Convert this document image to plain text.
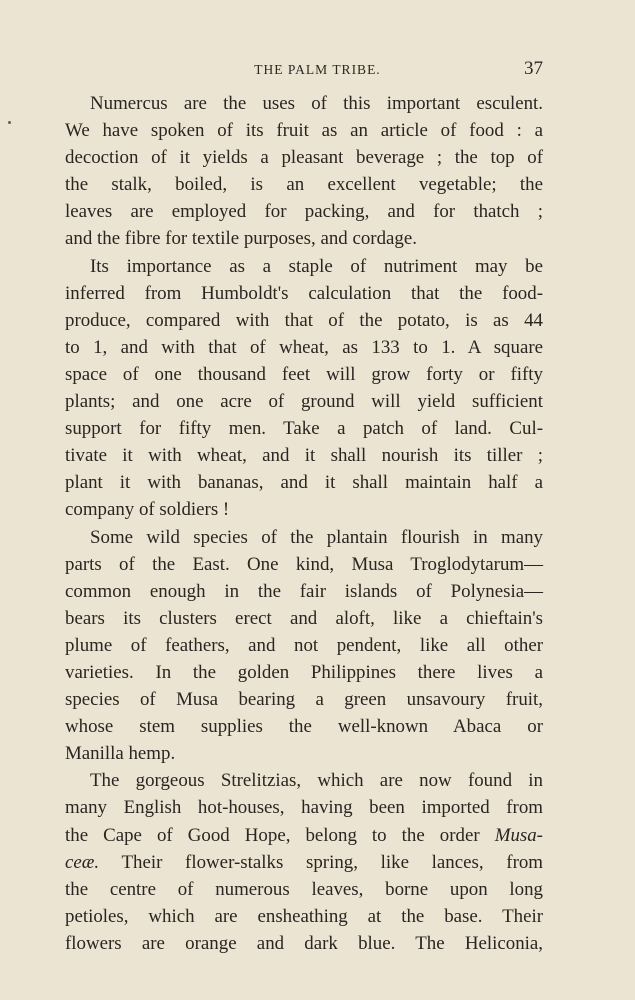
THE PALM TRIBE.	37
Numercus are the uses of this important esculent.
We have spoken of its fruit as an article of food : a
decoction of it yields a pleasant beverage ; the top of
the stalk, boiled, is an excellent vegetable; the
leaves are employed for packing, and for thatch ;
and the fibre for textile purposes, and cordage.
Its importance as a staple of nutriment may be
inferred from Humboldt's calculation that the food-
produce, compared with that of the potato, is as 44
to 1, and with that of wheat, as 133 to 1. A square
space of one thousand feet will grow forty or fifty
plants; and one acre of ground will yield sufficient
support for fifty men. Take a patch of land. Cul-
tivate it with wheat, and it shall nourish its tiller ;
plant it with bananas, and it shall maintain half a
company of soldiers !
Some wild species of the plantain flourish in many
parts of the East. One kind, Musa Troglodytarum—
common enough in the fair islands of Polynesia—
bears its clusters erect and aloft, like a chieftain's
plume of feathers, and not pendent, like all other
varieties. In the golden Philippines there lives a
species of Musa bearing a green unsavoury fruit,
whose stem supplies the well-known Abaca or
Manilla hemp.
The gorgeous Strelitzias, which are now found in
many English hot-houses, having been imported from
the Cape of Good Hope, belong to the order Musa-
ceæ. Their flower-stalks spring, like lances, from
the centre of numerous leaves, borne upon long
petioles, which are ensheathing at the base. Their
flowers are orange and dark blue. The Heliconia,
